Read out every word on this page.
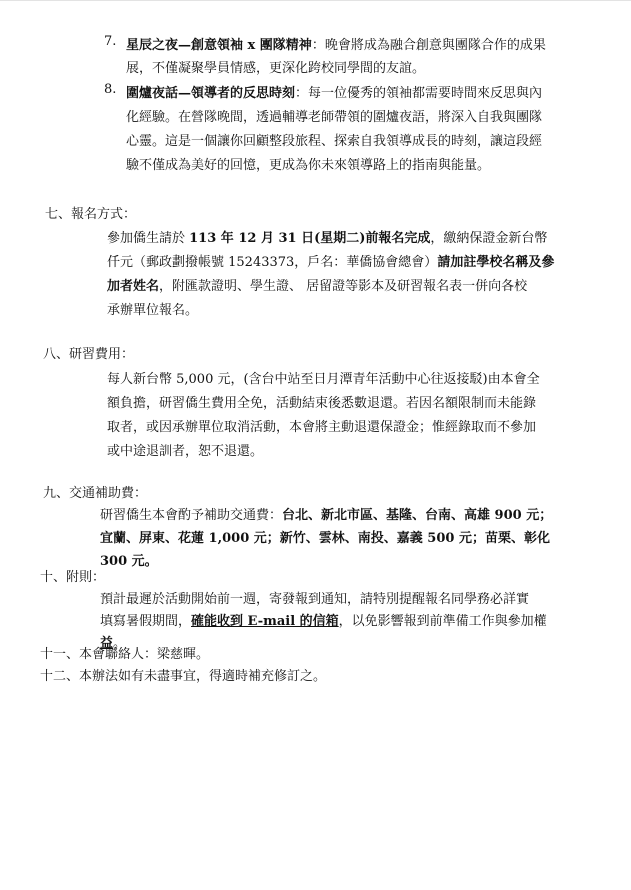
7. 星辰之夜—創意領袖 x 團隊精神：晚會將成為融合創意與團隊合作的成果
展，不僅凝聚學員情感，更深化跨校同學間的友誼。
8. 圍爐夜話—領導者的反思時刻：每一位優秀的領袖都需要時間來反思與內
化經驗。在營隊晚間，透過輔導老師帶領的圍爐夜語，將深入自我與團隊
心靈。這是一個讓你回顧整段旅程、探索自我領導成長的時刻，讓這段經
驗不僅成為美好的回憶，更成為你未來領導路上的指南與能量。
七、報名方式：
參加僑生請於 113 年 12 月 31 日(星期二)前報名完成，繳納保證金新台幣
仟元（郵政劃撥帳號 15243373，戶名：華僑協會總會）請加註學校名稱及參
加者姓名，附匯款證明、學生證、 居留證等影本及研習報名表一併向各校
承辦單位報名。
八、研習費用：
每人新台幣 5,000 元，(含台中站至日月潭青年活動中心往返接駁)由本會全
額負擔，研習僑生費用全免，活動結束後悉數退還。若因名額限制而未能錄
取者，或因承辦單位取消活動，本會將主動退還保證金；惟經錄取而不參加
或中途退訓者，恕不退還。
九、交通補助費：
研習僑生本會酌予補助交通費：台北、新北市區、基隆、台南、高雄 900 元；
宜蘭、屏東、花蓮 1,000 元；新竹、雲林、南投、嘉義 500 元；苗栗、彰化
300 元。
十、附則：
預計最遲於活動開始前一週，寄發報到通知，請特別提醒報名同學務必詳實
填寫暑假期間，確能收到 E-mail 的信箱，以免影響報到前準備工作與參加權
益。
十一、本會聯絡人：梁慈暉。
十二、本辦法如有未盡事宜，得適時補充修訂之。
